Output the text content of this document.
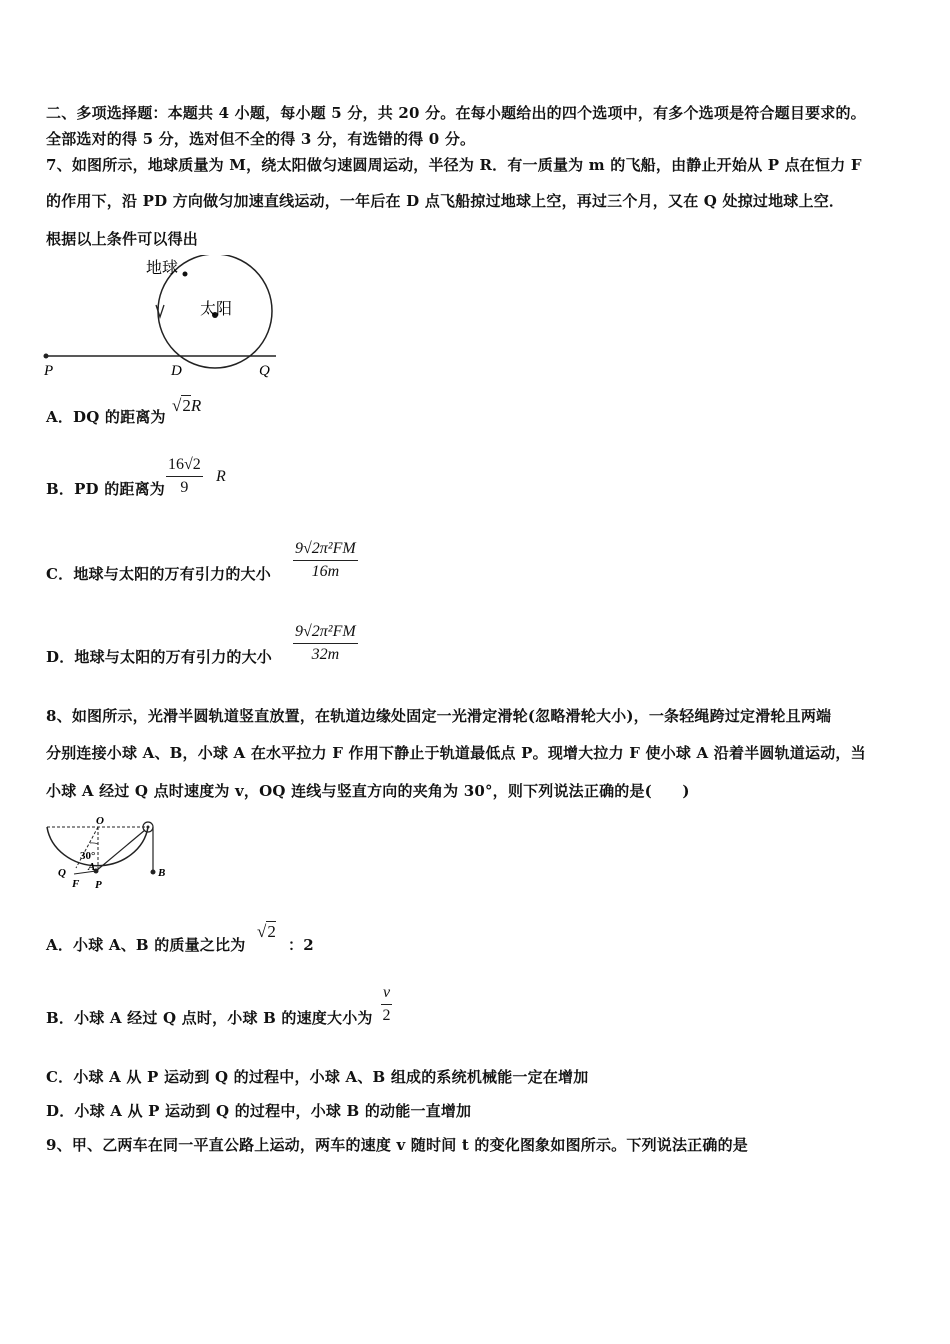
二、多项选择题：本题共 4 小题，每小题 5 分，共 20 分。在每小题给出的四个选项中，有多个选项是符合题目要求的。
全部选对的得 5 分，选对但不全的得 3 分，有选错的得 0 分。
7、如图所示，地球质量为 M，绕太阳做匀速圆周运动，半径为 R．有一质量为 m 的飞船，由静止开始从 P 点在恒力 F
的作用下，沿 PD 方向做匀加速直线运动，一年后在 D 点飞船掠过地球上空，再过三个月，又在 Q 处掠过地球上空．
根据以上条件可以得出
地球
太阳
P	D	Q
A．DQ 的距离为
√2R
B．PD 的距离为 $\frac{16√2}{9}$ R
C．地球与太阳的万有引力的大小 $\frac{\text{9√2π²FM}}{16m}$
D．地球与太阳的万有引力的大小 $\frac{\text{9√2π²FM}}{32m}$
8、如图所示，光滑半圆轨道竖直放置，在轨道边缘处固定一光滑定滑轮(忽略滑轮大小)，一条轻绳跨过定滑轮且两端
分别连接小球 A、B，小球 A 在水平拉力 F 作用下静止于轨道最低点 P。现增大拉力 F 使小球 A 沿着半圆轨道运动，当
小球 A 经过 Q 点时速度为 v，OQ 连线与竖直方向的夹角为 30°，则下列说法正确的是(　　)
O
30°
Q A
F P
B
A．小球 A、B 的质量之比为
√2
：2
B．小球 A 经过 Q 点时，小球 B 的速度大小为 $\frac{v}{2}$
C．小球 A 从 P 运动到 Q 的过程中，小球 A、B 组成的系统机械能一定在增加
D．小球 A 从 P 运动到 Q 的过程中，小球 B 的动能一直增加
9、甲、乙两车在同一平直公路上运动，两车的速度 v 随时间 t 的变化图象如图所示。下列说法正确的是
